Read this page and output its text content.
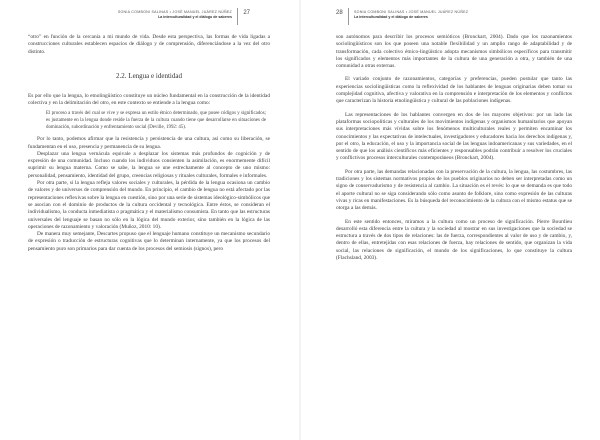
SONIA COMBONI SALINAS • JOSÉ MANUEL JUÁREZ NÚÑEZ
La interculturalidad y el diálogo de saberes
27

“otro” en función de la cercanía a mi mundo de vida. Desde esta perspectiva, las formas de vida ligadas a construcciones culturales establecen espacios de diálogo y de comprensión, diferenciándose a la vez del otro distinto.

2.2. Lengua e identidad

Es por ello que la lengua, lo etnolingüístico constituye un núcleo fundamental en la construcción de la identidad colectiva y en la delimitación del otro, en este contexto se entiende a la lengua como:

El proceso a través del cual se vive y se expresa un estilo étnico determinado, que posee códigos y significados; es justamente en la lengua donde reside la fuerza de la cultura cuando tiene que desarrollarse en situaciones de dominación, subordinación y enfrentamiento social (Deville, 1992: 45).

Por lo tanto, podemos afirmar que la resistencia y persistencia de una cultura, así como su liberación, se fundamentan en el uso, presencia y permanencia de su lengua.

Desplazar una lengua vernácula equivale a desplazar los sistemas más profundos de cognición y de expresión de una comunidad. Incluso cuando los individuos consienten la asimilación, es enormemente difícil suprimir su lengua materna. Como se sabe, la lengua se une estrechamente al concepto de uno mismo: personalidad, pensamiento, identidad del grupo, creencias religiosas y rituales culturales, formales e informales.

Por otra parte, si la lengua refleja valores sociales y culturales, la pérdida de la lengua ocasiona un cambio de valores y de universos de comprensión del mundo. En principio, el cambio de lengua no está afectado por las representaciones reflexivas sobre la lengua en cuestión, sino por una serie de sistemas ideológico-simbólicos que se asocian con el dominio de productos de la cultura occidental y tecnológica. Entre éstos, se consideran el individualismo, la conducta inmediatista o pragmática y el materialismo consumista. En tanto que las estructuras universales del lenguaje se basan no sólo en la lógica del mundo exterior, sino también en la lógica de las operaciones de razonamiento y valoración (Muñoz, 2010: 10).

De manera muy semejante, Descartes propuso que el lenguaje humano constituye un mecanismo secundario de expresión o traducción de estructuras cognitivas que lo determinan internamente, ya que los procesos del pensamiento puro son primarios para dar cuenta de los procesos del semiosis (signos), pero

28	SONIA COMBONI SALINAS • JOSÉ MANUEL JUÁREZ NÚÑEZ
La interculturalidad y el diálogo de saberes

son autónomos para describir los procesos semióticos (Bronckart, 2004). Dado que los razonamientos sociolingüísticos son los que poseen una notable flexibilidad y un amplio rango de adaptabilidad y de transformación, cada colectivo étnico-lingüístico adopta mecanismos simbólicos específicos para transmitir los significados y elementos más importantes de la cultura de una generación a otra, y también de una comunidad a otras externas.

El variado conjunto de razonamientos, categorías y preferencias, pueden postular que tanto las experiencias sociolingüísticas como la reflexividad de los hablantes de lenguas originarias deben tomar su complejidad cognitiva, afectiva y valorativa en la comprensión e interpretación de los elementos y conflictos que caracterizan la historia etnolingüística y cultural de las poblaciones indígenas.

Las representaciones de los hablantes convergen en dos de los mayores objetivos: por un lado las plataformas sociopolíticas y culturales de los movimientos indígenas y organismos humanitarios que apoyan sus interpretaciones más vívidas sobre los fenómenos multiculturales reales y permiten encaminar los conocimientos y las expectativas de intelectuales, investigadores y educadores hacia los derechos indígenas y, por el otro, la educación, el uso y la importancia social de las lenguas indoamericanas y sus variedades, en el sentido de que los análisis científicos más eficientes y responsables podrán contribuir a resolver los cruciales y conflictivos procesos interculturales contemporáneos (Bronckart, 2004).

Por otra parte, las demandas relacionadas con la preservación de la cultura, la lengua, las costumbres, las tradiciones y los sistemas normativos propios de los pueblos originarios no deben ser interpretadas como un signo de conservadurismo y de resistencia al cambio. La situación es el revés: lo que se demanda es que todo el aporte cultural no se siga considerando sólo como asunto de folklore, sino como expresión de las culturas vivas y ricas en manifestaciones. Es la búsqueda del reconocimiento de la cultura con el mismo estatus que se otorga a las demás.

En este sentido entonces, miramos a la cultura como un proceso de significación. Pierre Bourdieu desarrolló esta diferencia entre la cultura y la sociedad al mostrar en sus investigaciones que la sociedad se estructura a través de dos tipos de relaciones: las de fuerza, correspondientes al valor de uso y de cambio, y, dentro de ellas, entretejidas con esas relaciones de fuerza, hay relaciones de sentido, que organizan la vida social, las relaciones de significación, el mundo de los significaciones, lo que constituye la cultura (Flachsland, 2003).
